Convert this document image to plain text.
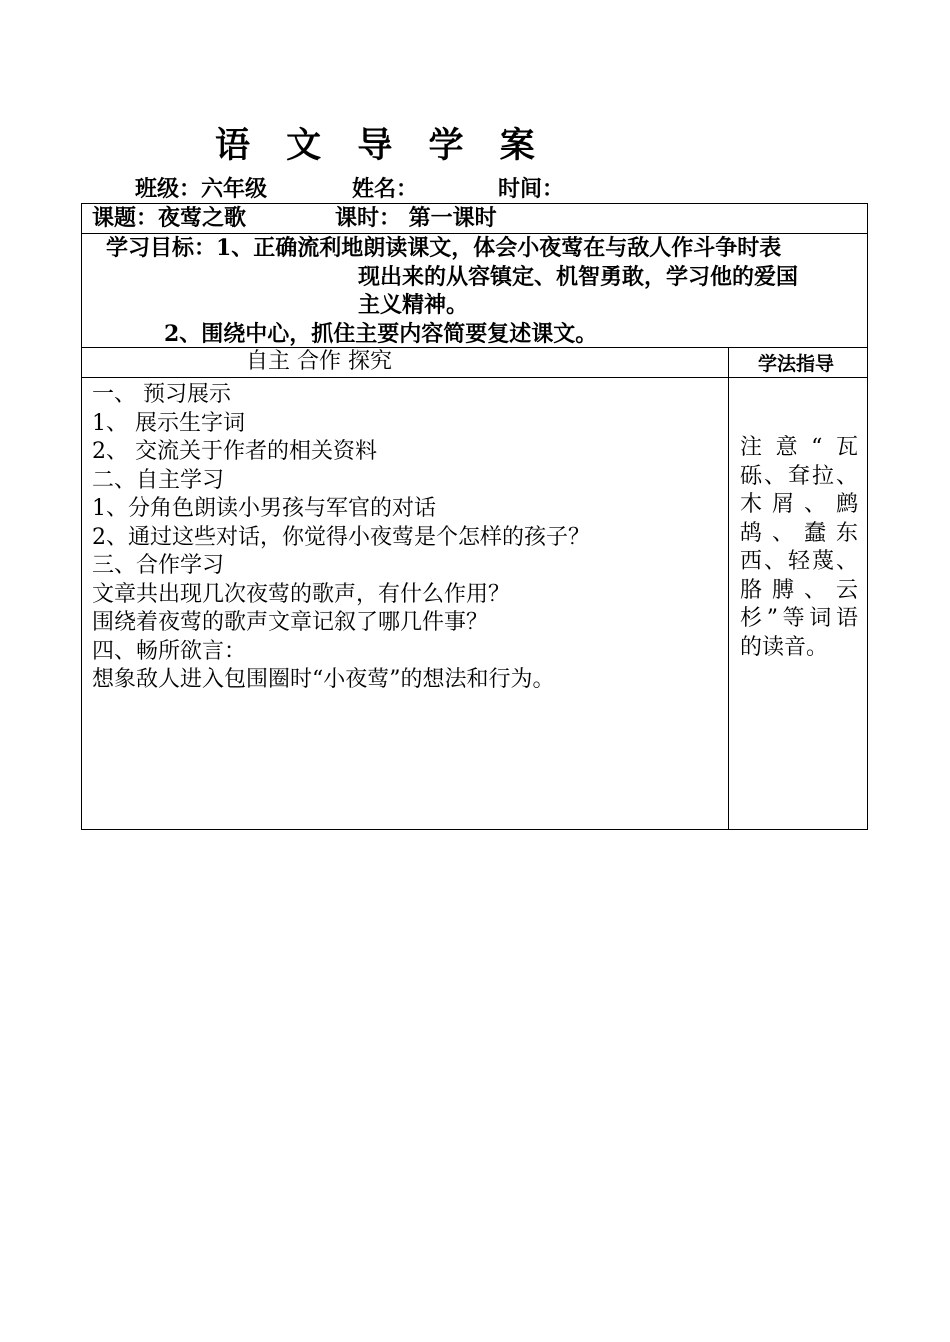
语 文 导 学 案
班级：六年级	姓名：	时间：
课题：夜莺之歌	课时： 第一课时
学习目标： 1、正确流利地朗读课文，体会小夜莺在与敌人作斗争时表
现出来的从容镇定、机智勇敢，学习他的爱国
主义精神。
2、围绕中心，抓住主要内容简要复述课文。
自主 合作 探究	学法指导
一、 预习展示
1、 展示生字词
2、 交流关于作者的相关资料
二、自主学习
1、分角色朗读小男孩与军官的对话
2、通过这些对话，你觉得小夜莺是个怎样的孩子？
三、合作学习
文章共出现几次夜莺的歌声，有什么作用？
围绕着夜莺的歌声文章记叙了哪几件事？
四、畅所欲言：
想象敌人进入包围圈时“小夜莺”的想法和行为。
注意“瓦砾、耷拉、木屑、鹧鸪、蠢东西、轻蔑、胳膊、云杉”等词语的读音。
